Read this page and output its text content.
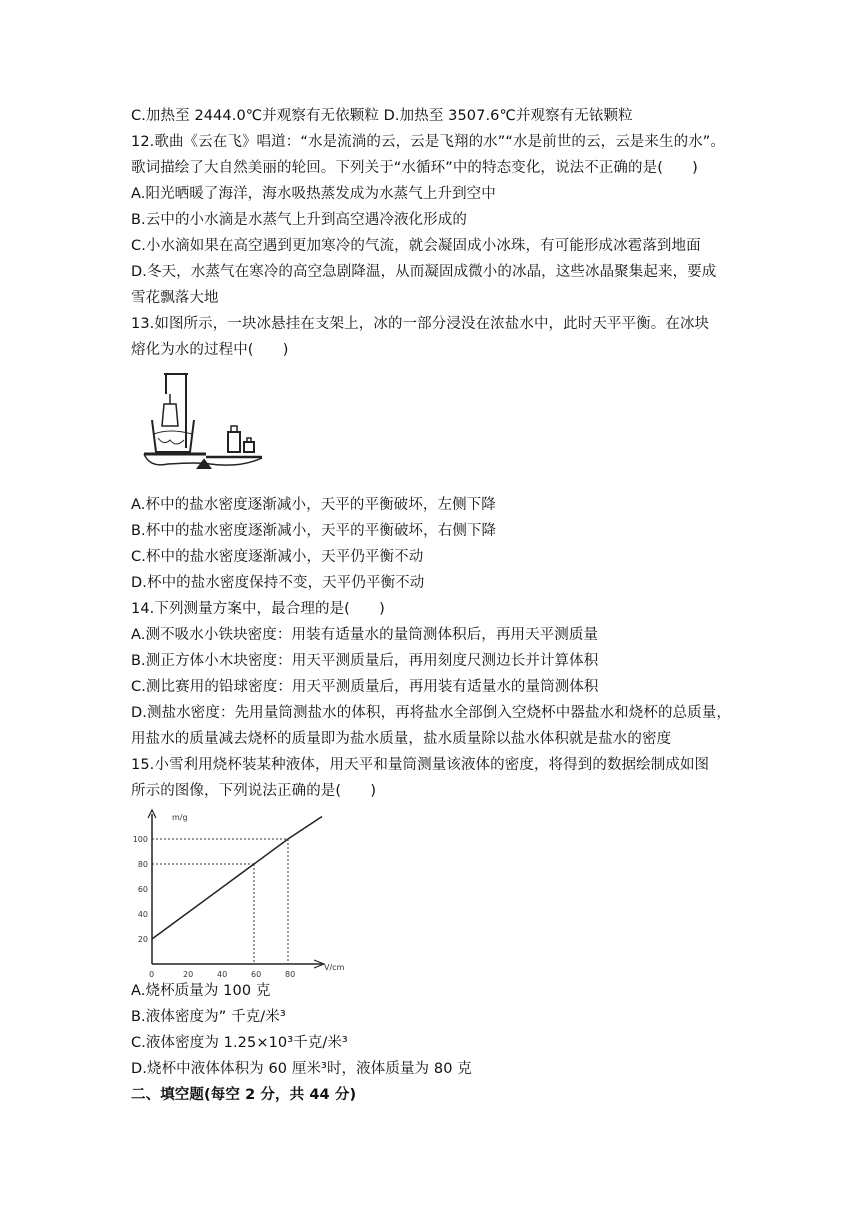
C.加热至 2444.0℃并观察有无依颗粒 D.加热至 3507.6℃并观察有无铱颗粒
12.歌曲《云在飞》唱道：“水是流淌的云，云是飞翔的水”“水是前世的云，云是来生的水”。
歌词描绘了大自然美丽的轮回。下列关于“水循环”中的特态变化，说法不正确的是(　　)
A.阳光晒暖了海洋，海水吸热蒸发成为水蒸气上升到空中
B.云中的小水滴是水蒸气上升到高空遇冷液化形成的
C.小水滴如果在高空遇到更加寒冷的气流，就会凝固成小冰珠，有可能形成冰雹落到地面
D.冬天，水蒸气在寒冷的高空急剧降温，从而凝固成微小的冰晶，这些冰晶聚集起来，要成
雪花飘落大地
13.如图所示，一块冰悬挂在支架上，冰的一部分浸没在浓盐水中，此时天平平衡。在冰块
熔化为水的过程中(　　)
A.杯中的盐水密度逐渐减小，天平的平衡破坏，左侧下降
B.杯中的盐水密度逐渐减小，天平的平衡破坏，右侧下降
C.杯中的盐水密度逐渐减小，天平仍平衡不动
D.杯中的盐水密度保持不变，天平仍平衡不动
14.下列测量方案中，最合理的是(　　)
A.测不吸水小铁块密度：用装有适量水的量筒测体积后，再用天平测质量
B.测正方体小木块密度：用天平测质量后，再用刻度尺测边长并计算体积
C.测比赛用的铅球密度：用天平测质量后，再用装有适量水的量筒测体积
D.测盐水密度：先用量筒测盐水的体积，再将盐水全部倒入空烧杯中器盐水和烧杯的总质量，
用盐水的质量减去烧杯的质量即为盐水质量，盐水质量除以盐水体积就是盐水的密度
15.小雪利用烧杯装某种液体，用天平和量筒测量该液体的密度，将得到的数据绘制成如图
所示的图像，下列说法正确的是(　　)
m/g
V/cm
0	20	40	60	80
20
40
60
80
100
A.烧杯质量为 100 克
B.液体密度为” 千克/米³
C.液体密度为 1.25×10³千克/米³
D.烧杯中液体体积为 60 厘米³时，液体质量为 80 克
二、填空题(每空 2 分，共 44 分)
